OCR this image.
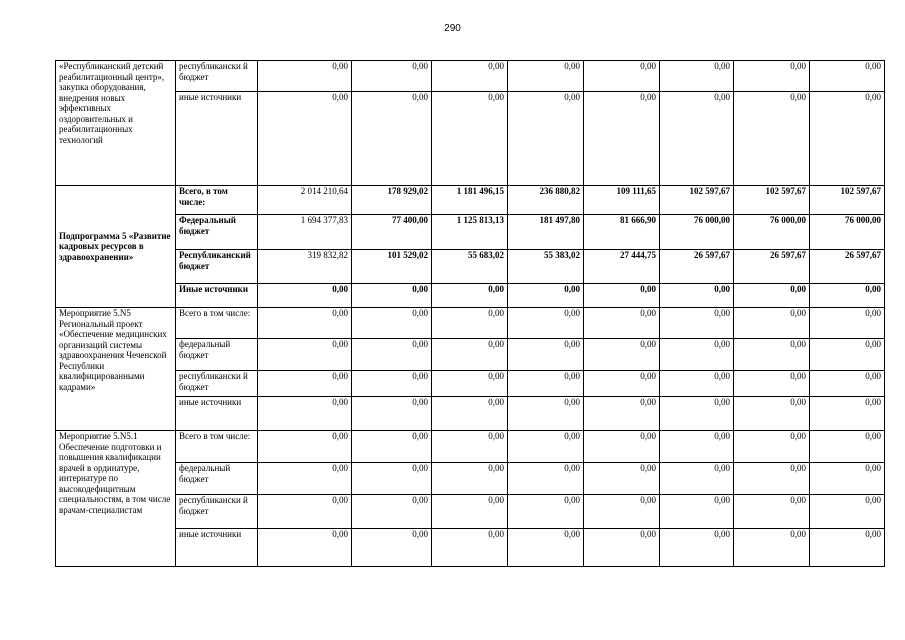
290
«Республиканский детский реабилитационный центр», закупка оборудования, внедрения новых эффективных оздоровительных и реабилитационных технологий	республикански й бюджет	0,00	0,00	0,00	0,00	0,00	0,00	0,00	0,00
	иные источники	0,00	0,00	0,00	0,00	0,00	0,00	0,00	0,00
Подпрограмма 5 «Развитие кадровых ресурсов в здравоохранении»	Всего, в том числе:	2 014 210,64	178 929,02	1 181 496,15	236 880,82	109 111,65	102 597,67	102 597,67	102 597,67
	Федеральный бюджет	1 694 377,83	77 400,00	1 125 813,13	181 497,80	81 666,90	76 000,00	76 000,00	76 000,00
	Республиканский бюджет	319 832,82	101 529,02	55 683,02	55 383,02	27 444,75	26 597,67	26 597,67	26 597,67
	Иные источники	0,00	0,00	0,00	0,00	0,00	0,00	0,00	0,00
Мероприятие 5.N5 Региональный проект «Обеспечение медицинских организаций системы здравоохранения Чеченской Республики квалифицированными кадрами»	Всего в том числе:	0,00	0,00	0,00	0,00	0,00	0,00	0,00	0,00
	федеральный бюджет	0,00	0,00	0,00	0,00	0,00	0,00	0,00	0,00
	республикански й бюджет	0,00	0,00	0,00	0,00	0,00	0,00	0,00	0,00
	иные источники	0,00	0,00	0,00	0,00	0,00	0,00	0,00	0,00
Мероприятие 5.N5.1 Обеспечение подготовки и повышения квалификации врачей в ординатуре, интернатуре по высокодефицитным специальностям, в том числе врачам-специалистам	Всего в том числе:	0,00	0,00	0,00	0,00	0,00	0,00	0,00	0,00
	федеральный бюджет	0,00	0,00	0,00	0,00	0,00	0,00	0,00	0,00
	республикански й бюджет	0,00	0,00	0,00	0,00	0,00	0,00	0,00	0,00
	иные источники	0,00	0,00	0,00	0,00	0,00	0,00	0,00	0,00
